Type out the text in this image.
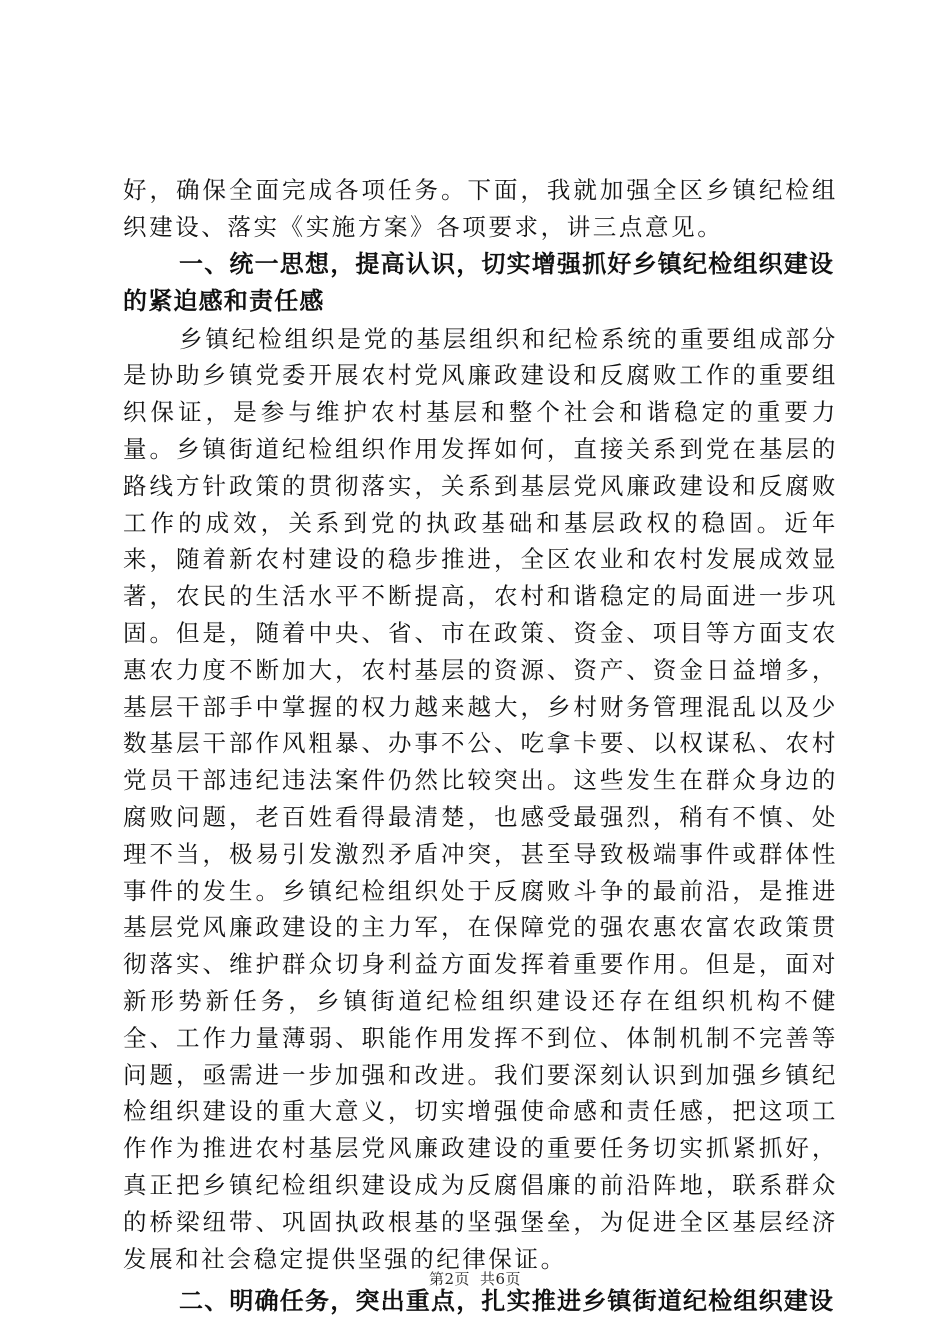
好，确保全面完成各项任务。下面，我就加强全区乡镇纪检组织建设、落实《实施方案》各项要求，讲三点意见。

一、统一思想，提高认识，切实增强抓好乡镇纪检组织建设的紧迫感和责任感

乡镇纪检组织是党的基层组织和纪检系统的重要组成部分是协助乡镇党委开展农村党风廉政建设和反腐败工作的重要组织保证，是参与维护农村基层和整个社会和谐稳定的重要力量。乡镇街道纪检组织作用发挥如何，直接关系到党在基层的路线方针政策的贯彻落实，关系到基层党风廉政建设和反腐败工作的成效，关系到党的执政基础和基层政权的稳固。近年来，随着新农村建设的稳步推进，全区农业和农村发展成效显著，农民的生活水平不断提高，农村和谐稳定的局面进一步巩固。但是，随着中央、省、市在政策、资金、项目等方面支农惠农力度不断加大，农村基层的资源、资产、资金日益增多，基层干部手中掌握的权力越来越大，乡村财务管理混乱以及少数基层干部作风粗暴、办事不公、吃拿卡要、以权谋私、农村党员干部违纪违法案件仍然比较突出。这些发生在群众身边的腐败问题，老百姓看得最清楚，也感受最强烈，稍有不慎、处理不当，极易引发激烈矛盾冲突，甚至导致极端事件或群体性事件的发生。乡镇纪检组织处于反腐败斗争的最前沿，是推进基层党风廉政建设的主力军，在保障党的强农惠农富农政策贯彻落实、维护群众切身利益方面发挥着重要作用。但是，面对新形势新任务，乡镇街道纪检组织建设还存在组织机构不健全、工作力量薄弱、职能作用发挥不到位、体制机制不完善等问题，亟需进一步加强和改进。我们要深刻认识到加强乡镇纪检组织建设的重大意义，切实增强使命感和责任感，把这项工作作为推进农村基层党风廉政建设的重要任务切实抓紧抓好，真正把乡镇纪检组织建设成为反腐倡廉的前沿阵地，联系群众的桥梁纽带、巩固执政根基的坚强堡垒，为促进全区基层经济发展和社会稳定提供坚强的纪律保证。

二、明确任务，突出重点，扎实推进乡镇街道纪检组织建设
第2页 共6页
